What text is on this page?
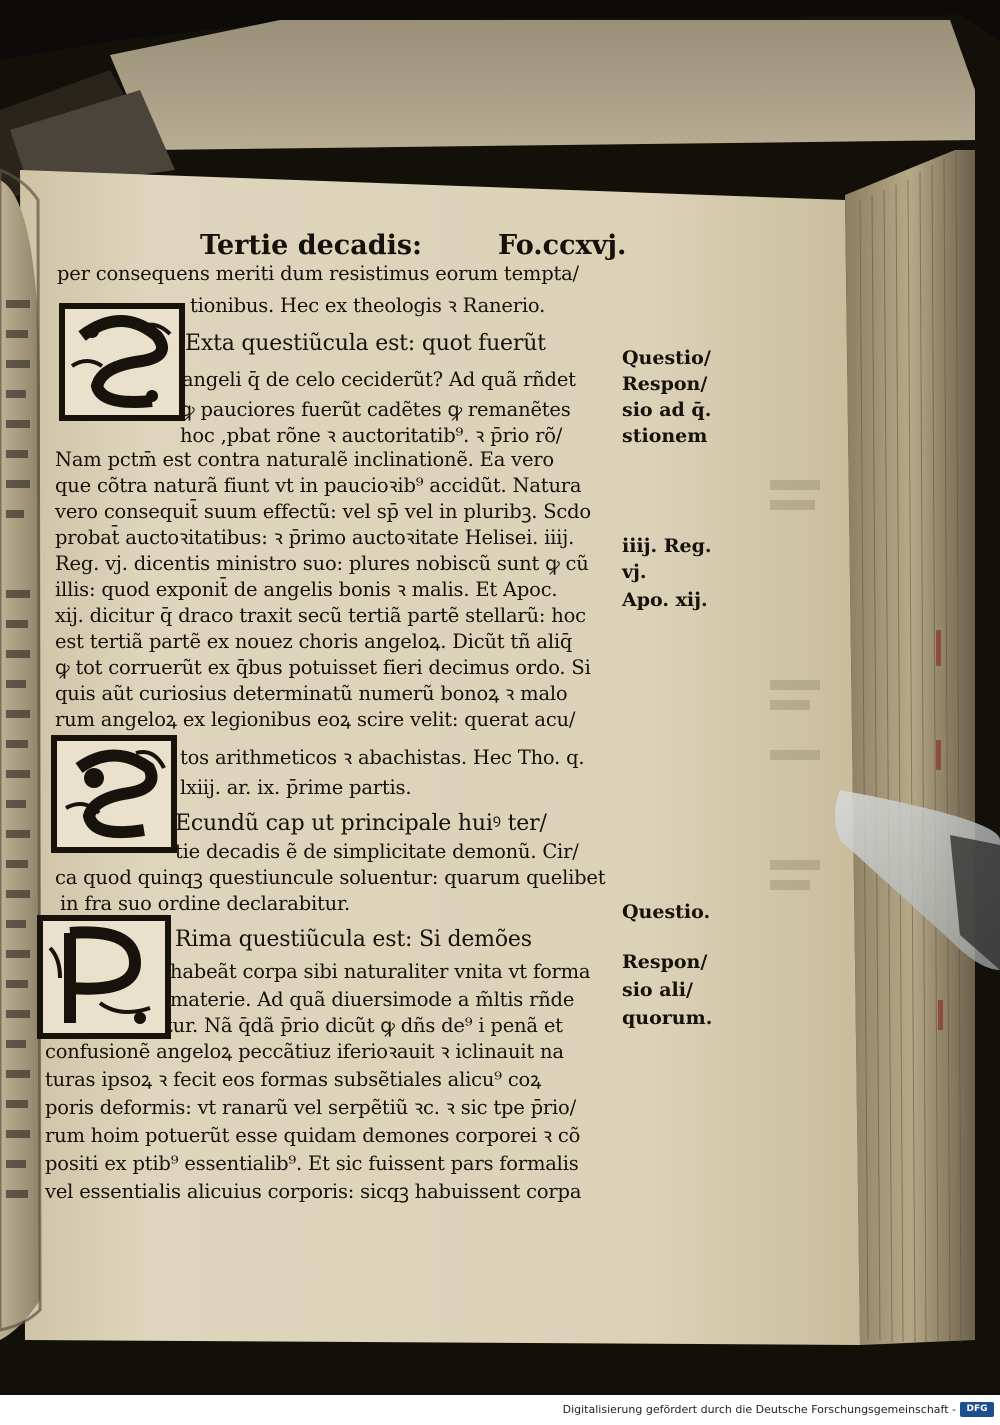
Tertie decadis:	Fo.ccxvj.
per consequens meriti dum resistimus eorum tempta/
tionibus. Hec ex theologis ꝛ Ranerio.
Exta questiũcula est: quot fuerũt
angeli q̄ de celo ceciderũt? Ad quã rñdet
ꝙ pauciores fuerũt cadẽtes ꝙ remanẽtes
hoc ,pbat rõne ꝛ auctoritatib⁹. ꝛ p̄rio rõ/
Nam pctm̄ est contra naturalẽ inclinationẽ. Ea vero
que cõtra naturã fiunt vt in paucioꝛib⁹ accidũt. Natura
vero consequit̄ suum effectũ: vel sp̄ vel in pluribꝫ. Scdo
probat̄ auctoꝛitatibus: ꝛ p̄rimo auctoꝛitate Helisei. iiij.
Reg. vj. dicentis ministro suo: plures nobiscũ sunt ꝙ cũ
illis: quod exponit̄ de angelis bonis ꝛ malis. Et Apoc.
xij. dicitur q̄ draco traxit secũ tertiã partẽ stellarũ: hoc
est tertiã partẽ ex nouez choris angeloꝝ. Dicũt tñ aliq̄
ꝙ tot corruerũt ex q̄bus potuisset fieri decimus ordo. Si
quis aũt curiosius determinatũ numerũ bonoꝝ ꝛ malo
rum angeloꝝ ex legionibus eoꝝ scire velit: querat acu/
tos arithmeticos ꝛ abachistas. Hec Tho. q.
lxiij. ar. ix. p̄rime partis.
Ecundũ cap ut principale huiꝰ ter/
tie decadis ẽ de simplicitate demonũ. Cir/
ca quod quinqꝫ questiuncule soluentur: quarum quelibet
in fra suo ordine declarabitur.
Rima questiũcula est: Si demões
habeãt corpa sibi naturaliter vnita vt forma
materie. Ad quã diuersimode a m̃ltis rñde
tur. Nã q̄dã p̄rio dicũt ꝙ dñs de⁹ i penã et
confusionẽ angeloꝝ peccãtiuz iferioꝛauit ꝛ iclinauit na
turas ipsoꝝ ꝛ fecit eos formas subsẽtiales alicu⁹ coꝝ
poris deformis: vt ranarũ vel serpẽtiũ ꝛc. ꝛ sic tpe p̄rio/
rum hoim potuerũt esse quidam demones corporei ꝛ cõ
positi ex ptib⁹ essentialib⁹. Et sic fuissent pars formalis
vel essentialis alicuius corporis: sicqꝫ habuissent corpa
Questio/
Respon/
sio ad q̄.
stionem
iiij. Reg.
vj.
Apo. xij.
Questio.
Respon/
sio ali/
quorum.
Digitalisierung gefördert durch die Deutsche Forschungsgemeinschaft -	DFG
